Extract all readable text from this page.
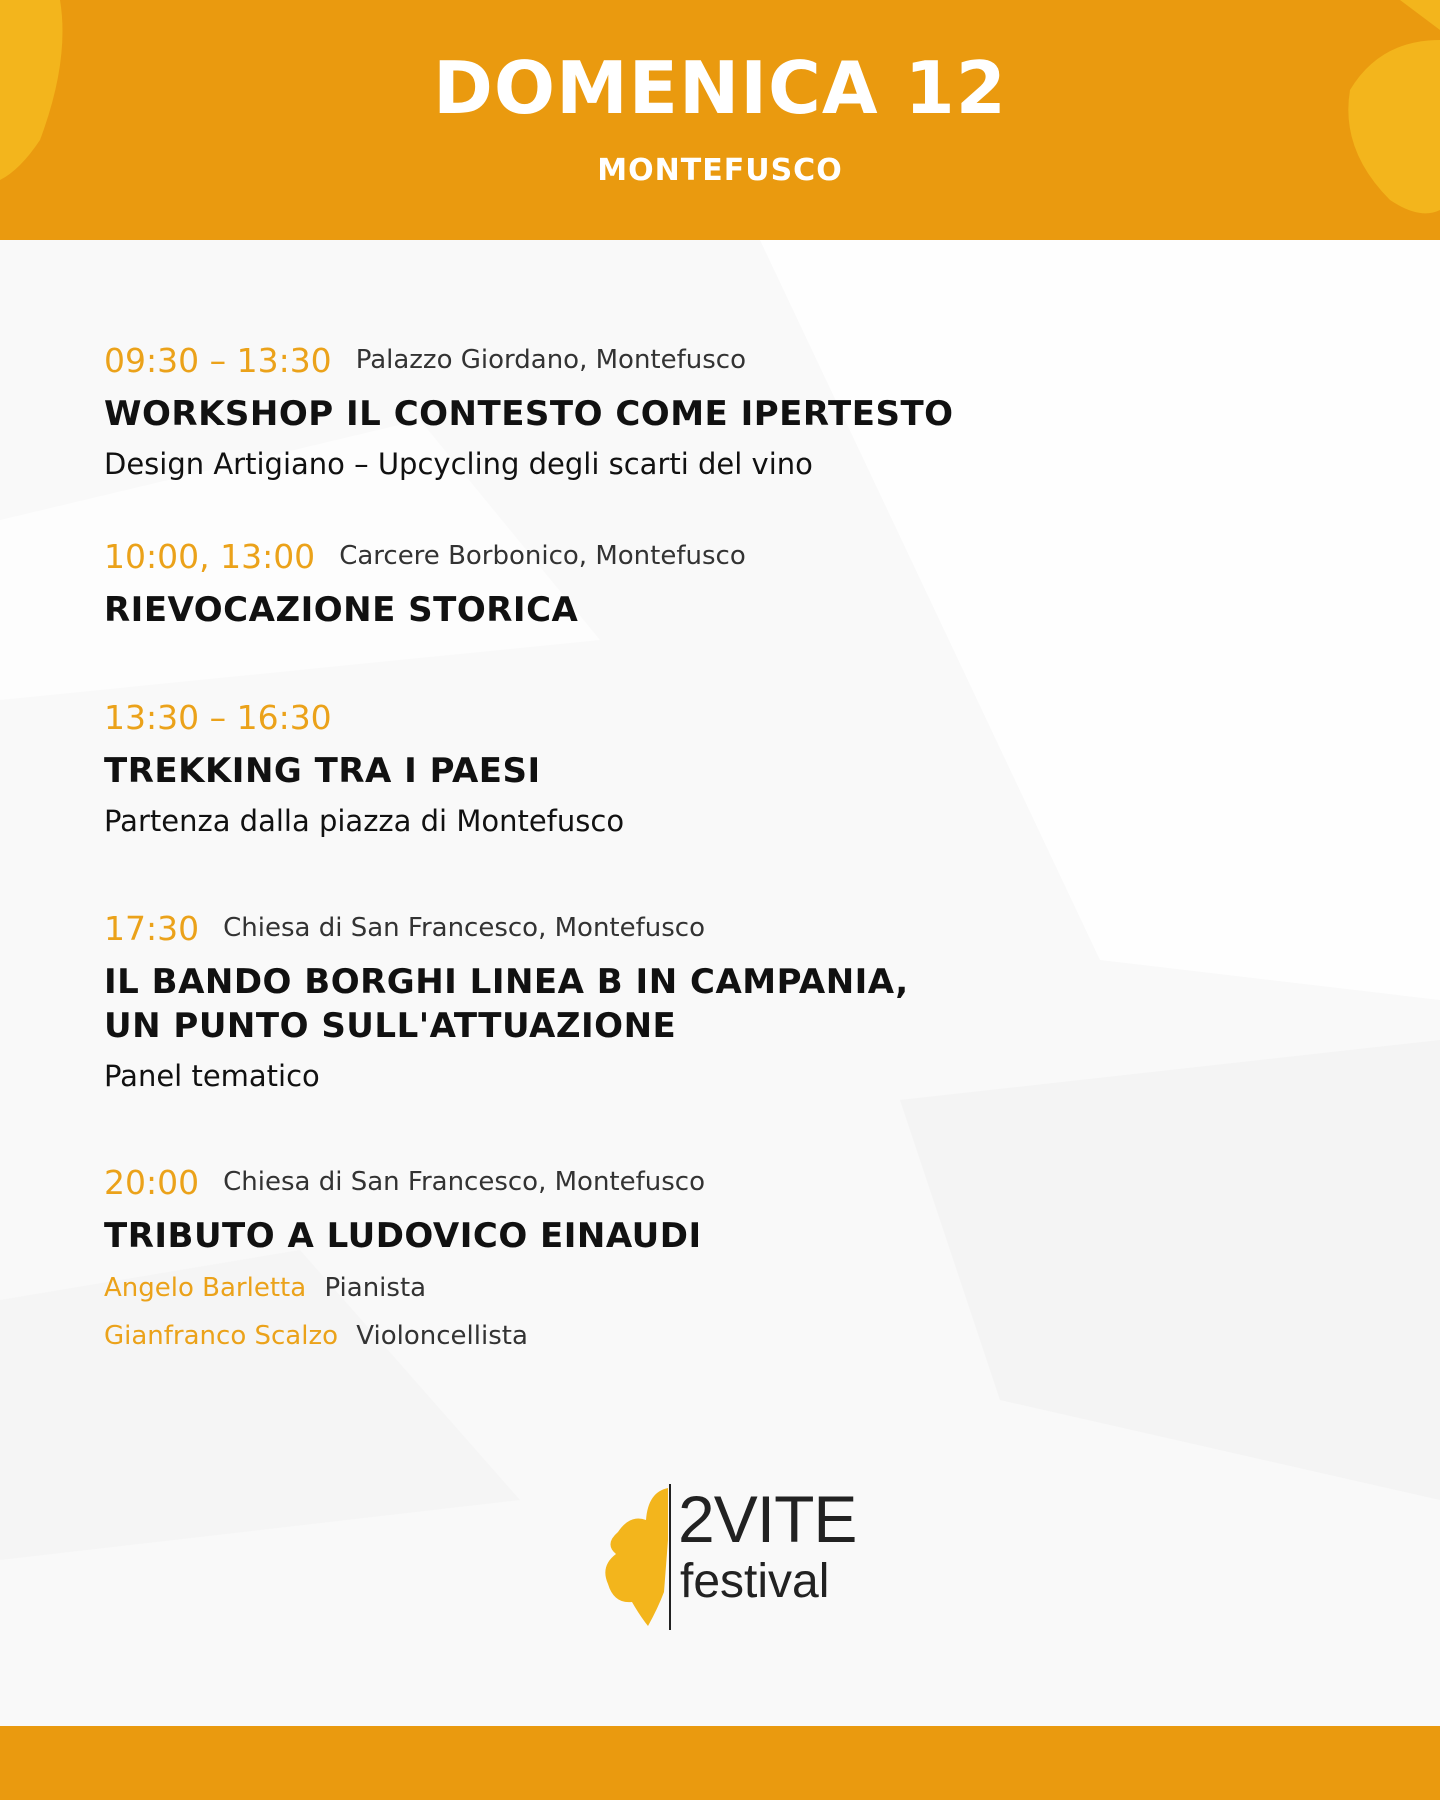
DOMENICA 12
MONTEFUSCO
09:30 – 13:30 Palazzo Giordano, Montefusco
WORKSHOP IL CONTESTO COME IPERTESTO
Design Artigiano – Upcycling degli scarti del vino
10:00, 13:00 Carcere Borbonico, Montefusco
RIEVOCAZIONE STORICA
13:30 – 16:30
TREKKING TRA I PAESI
Partenza dalla piazza di Montefusco
17:30 Chiesa di San Francesco, Montefusco
IL BANDO BORGHI LINEA B IN CAMPANIA,
UN PUNTO SULL'ATTUAZIONE
Panel tematico
20:00 Chiesa di San Francesco, Montefusco
TRIBUTO A LUDOVICO EINAUDI
Angelo Barletta Pianista
Gianfranco Scalzo Violoncellista
2VITE
festival
